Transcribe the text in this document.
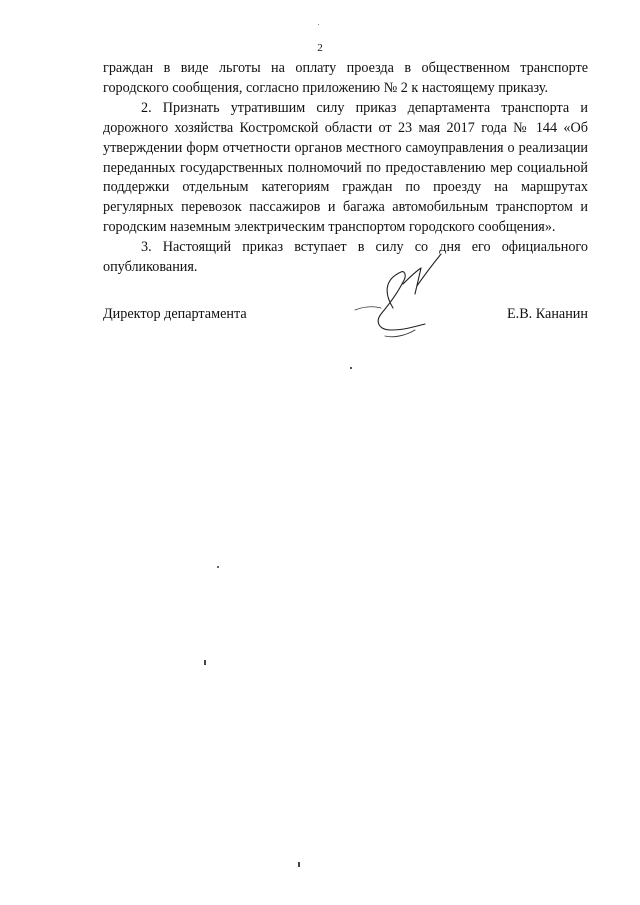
2

граждан в виде льготы на оплату проезда в общественном транспорте городского сообщения, согласно приложению № 2 к настоящему приказу.

2. Признать утратившим силу приказ департамента транспорта и дорожного хозяйства Костромской области от 23 мая 2017 года № 144 «Об утверждении форм отчетности органов местного самоуправления о реализации переданных государственных полномочий по предоставлению мер социальной поддержки отдельным категориям граждан по проезду на маршрутах регулярных перевозок пассажиров и багажа автомобильным транспортом и городским наземным электрическим транспортом городского сообщения».

3. Настоящий приказ вступает в силу со дня его официального опубликования.

Директор департамента	Е.В. Кананин
